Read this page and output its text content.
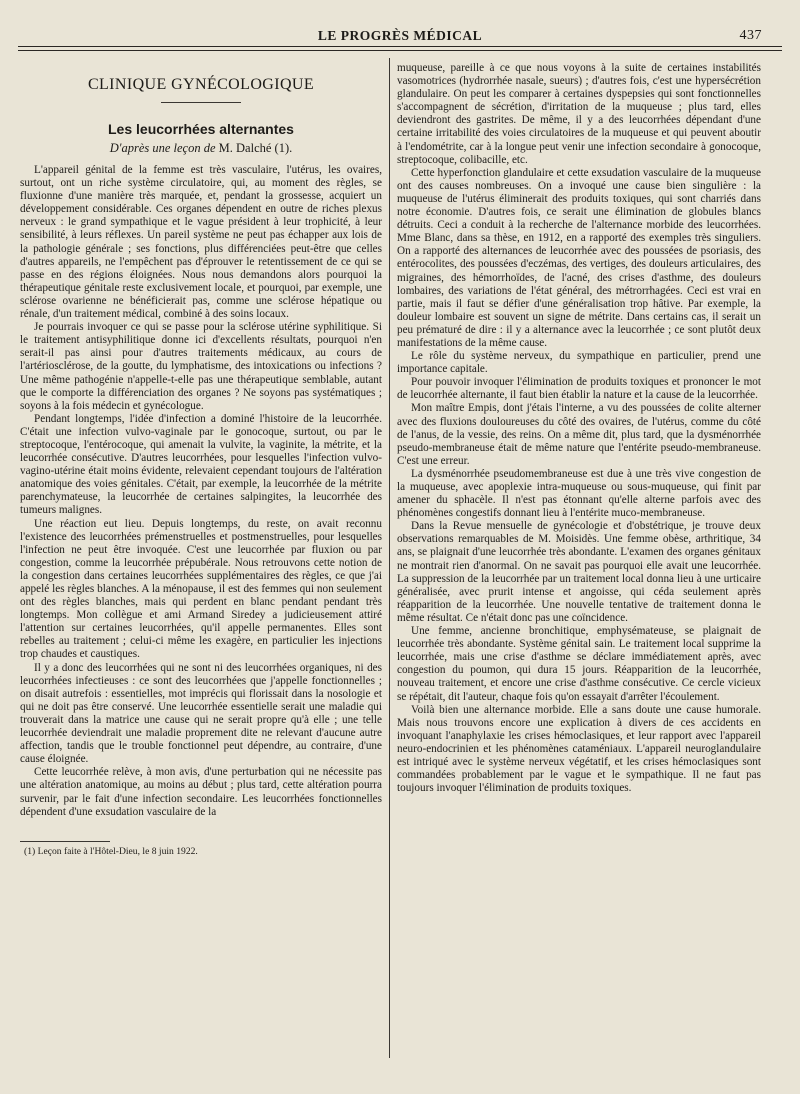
LE PROGRÈS MÉDICAL	437
CLINIQUE GYNÉCOLOGIQUE
Les leucorrhées alternantes
D'après une leçon de M. Dalché (1).

L'appareil génital de la femme est très vasculaire, l'utérus, les ovaires, surtout, ont un riche système circulatoire, qui, au moment des règles, se fluxionne d'une manière très marquée, et, pendant la grossesse, acquiert un développement considérable. Ces organes dépendent en outre de riches plexus nerveux : le grand sympathique et le vague président à leur trophicité, à leur sensibilité, à leurs réflexes. Un pareil système ne peut pas échapper aux lois de la pathologie générale ; ses fonctions, plus différenciées peut-être que celles d'autres appareils, ne l'empêchent pas d'éprouver le retentissement de ce qui se passe en des régions éloignées. Nous nous demandons alors pourquoi la thérapeutique génitale reste exclusivement locale, et pourquoi, par exemple, une sclérose ovarienne ne bénéficierait pas, comme une sclérose hépatique ou rénale, d'un traitement médical, combiné à des soins locaux.

Je pourrais invoquer ce qui se passe pour la sclérose utérine syphilitique. Si le traitement antisyphilitique donne ici d'excellents résultats, pourquoi n'en serait-il pas ainsi pour d'autres traitements médicaux, au cours de l'artériosclérose, de la goutte, du lymphatisme, des intoxications ou infections ? Une même pathogénie n'appelle-t-elle pas une thérapeutique semblable, autant que le comporte la différenciation des organes ? Ne soyons pas systématiques ; soyons à la fois médecin et gynécologue.

Pendant longtemps, l'idée d'infection a dominé l'histoire de la leucorrhée. C'était une infection vulvo-vaginale par le gonocoque, surtout, ou par le streptocoque, l'entérocoque, qui amenait la vulvite, la vaginite, la métrite, et la leucorrhée consécutive. D'autres leucorrhées, pour lesquelles l'infection vulvo-vagino-utérine était moins évidente, relevaient cependant toujours de l'altération anatomique des voies génitales. C'était, par exemple, la leucorrhée de la métrite parenchymateuse, la leucorrhée de certaines salpingites, la leucorrhée des tumeurs malignes.

Une réaction eut lieu. Depuis longtemps, du reste, on avait reconnu l'existence des leucorrhées prémenstruelles et postmenstruelles, pour lesquelles l'infection ne peut être invoquée. C'est une leucorrhée par fluxion ou par congestion, comme la leucorrhée prépubérale. Nous retrouvons cette notion de la congestion dans certaines leucorrhées supplémentaires des règles, ce que j'ai appelé les règles blanches. A la ménopause, il est des femmes qui non seulement ont des règles blanches, mais qui perdent en blanc pendant pendant très longtemps. Mon collègue et ami Armand Siredey a judicieusement attiré l'attention sur certaines leucorrhées, qu'il appelle permanentes. Elles sont rebelles au traitement ; celui-ci même les exagère, en particulier les injections trop chaudes et caustiques.

Il y a donc des leucorrhées qui ne sont ni des leucorrhées organiques, ni des leucorrhées infectieuses : ce sont des leucorrhées que j'appelle fonctionnelles ; on disait autrefois : essentielles, mot imprécis qui florissait dans la nosologie et qui ne doit pas être conservé. Une leucorrhée essentielle serait une maladie qui trouverait dans la matrice une cause qui ne serait propre qu'à elle ; une telle leucorrhée deviendrait une maladie proprement dite ne relevant d'aucune autre affection, tandis que le trouble fonctionnel peut dépendre, au contraire, d'une cause éloignée.

Cette leucorrhée relève, à mon avis, d'une perturbation qui ne nécessite pas une altération anatomique, au moins au début ; plus tard, cette altération pourra survenir, par le fait d'une infection secondaire. Les leucorrhées fonctionnelles dépendent d'une exsudation vasculaire de la

(1) Leçon faite à l'Hôtel-Dieu, le 8 juin 1922.

muqueuse, pareille à ce que nous voyons à la suite de certaines instabilités vasomotrices (hydrorrhée nasale, sueurs) ; d'autres fois, c'est une hypersécrétion glandulaire. On peut les comparer à certaines dyspepsies qui sont fonctionnelles s'accompagnent de sécrétion, d'irritation de la muqueuse ; plus tard, elles deviendront des gastrites. De même, il y a des leucorrhées dépendant d'une certaine irritabilité des voies circulatoires de la muqueuse et qui peuvent aboutir à l'endométrite, car à la longue peut venir une infection secondaire à gonocoque, streptocoque, colibacille, etc.

Cette hyperfonction glandulaire et cette exsudation vasculaire de la muqueuse ont des causes nombreuses. On a invoqué une cause bien singulière : la muqueuse de l'utérus éliminerait des produits toxiques, qui sont charriés dans notre économie. D'autres fois, ce serait une élimination de globules blancs détruits. Ceci a conduit à la recherche de l'alternance morbide des leucorrhées. Mme Blanc, dans sa thèse, en 1912, en a rapporté des exemples très singuliers. On a rapporté des alternances de leucorrhée avec des poussées de psoriasis, des entérocolites, des poussées d'eczémas, des vertiges, des douleurs articulaires, des migraines, des hémorrhoïdes, de l'acné, des crises d'asthme, des douleurs lombaires, des variations de l'état général, des métrorrhagées. Ceci est vrai en partie, mais il faut se défier d'une généralisation trop hâtive. Par exemple, la douleur lombaire est souvent un signe de métrite. Dans certains cas, il serait un peu prématuré de dire : il y a alternance avec la leucorrhée ; ce sont plutôt deux manifestations de la même cause.

Le rôle du système nerveux, du sympathique en particulier, prend une importance capitale.

Pour pouvoir invoquer l'élimination de produits toxiques et prononcer le mot de leucorrhée alternante, il faut bien établir la nature et la cause de la leucorrhée.

Mon maître Empis, dont j'étais l'interne, a vu des poussées de colite alterner avec des fluxions douloureuses du côté des ovaires, de l'utérus, comme du côté de l'anus, de la vessie, des reins. On a même dit, plus tard, que la dysménorrhée pseudo-membraneuse était de même nature que l'entérite pseudo-membraneuse. C'est une erreur.

La dysménorrhée pseudomembraneuse est due à une très vive congestion de la muqueuse, avec apoplexie intra-muqueuse ou sous-muqueuse, qui finit par amener du sphacèle. Il n'est pas étonnant qu'elle alterne parfois avec des phénomènes congestifs donnant lieu à l'entérite muco-membraneuse.

Dans la Revue mensuelle de gynécologie et d'obstétrique, je trouve deux observations remarquables de M. Moisidès. Une femme obèse, arthritique, 34 ans, se plaignait d'une leucorrhée très abondante. L'examen des organes génitaux ne montrait rien d'anormal. On ne savait pas pourquoi elle avait une leucorrhée. La suppression de la leucorrhée par un traitement local donna lieu à une urticaire généralisée, avec prurit intense et angoisse, qui céda seulement après réapparition de la leucorrhée. Une nouvelle tentative de traitement donna le même résultat. Ce n'était donc pas une coïncidence.

Une femme, ancienne bronchitique, emphysémateuse, se plaignait de leucorrhée très abondante. Système génital sain. Le traitement local supprime la leucorrhée, mais une crise d'asthme se déclare immédiatement après, avec congestion du poumon, qui dura 15 jours. Réapparition de la leucorrhée, nouveau traitement, et encore une crise d'asthme consécutive. Ce cercle vicieux se répétait, dit l'auteur, chaque fois qu'on essayait d'arrêter l'écoulement.

Voilà bien une alternance morbide. Elle a sans doute une cause humorale. Mais nous trouvons encore une explication à divers de ces accidents en invoquant l'anaphylaxie les crises hémoclasiques, et leur rapport avec l'appareil neuro-endocrinien et les phénomènes cataméniaux. L'appareil neuroglandulaire est intriqué avec le système nerveux végétatif, et les crises hémoclasiques sont commandées probablement par le vague et le sympathique. Il ne faut pas toujours invoquer l'élimination de produits toxiques.
